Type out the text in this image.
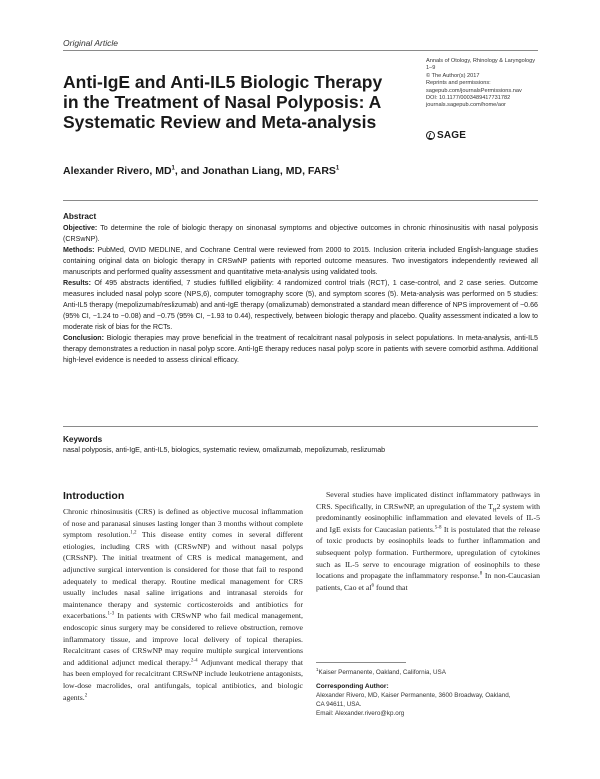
Original Article
Anti-IgE and Anti-IL5 Biologic Therapy
in the Treatment of Nasal Polyposis: A
Systematic Review and Meta-analysis
Annals of Otology, Rhinology & Laryngology
1–9
© The Author(s) 2017
Reprints and permissions:
sagepub.com/journalsPermissions.nav
DOI: 10.1177/0003489417731782
journals.sagepub.com/home/aor
SAGE
Alexander Rivero, $MD^1$, and Jonathan Liang, MD, FARS$^1$
Abstract

Objective: To determine the role of biologic therapy on sinonasal symptoms and objective outcomes in chronic rhinosinusitis with nasal polyposis (CRSwNP).

Methods: PubMed, OVID MEDLINE, and Cochrane Central were reviewed from 2000 to 2015. Inclusion criteria included English-language studies containing original data on biologic therapy in CRSwNP patients with reported outcome measures. Two investigators independently reviewed all manuscripts and performed quality assessment and quantitative meta-analysis using validated tools.

Results: Of 495 abstracts identified, 7 studies fulfilled eligibility: 4 randomized control trials (RCT), 1 case-control, and 2 case series. Outcome measures included nasal polyp score (NPS,6), computer tomography score (5), and symptom scores (5). Meta-analysis was performed on 5 studies: Anti-IL5 therapy (mepolizumab/reslizumab) and anti-IgE therapy (omalizumab) demonstrated a standard mean difference of NPS improvement of −0.66 (95% CI, −1.24 to −0.08) and −0.75 (95% CI, −1.93 to 0.44), respectively, between biologic therapy and placebo. Quality assessment indicated a low to moderate risk of bias for the RCTs.

Conclusion: Biologic therapies may prove beneficial in the treatment of recalcitrant nasal polyposis in select populations. In meta-analysis, anti-IL5 therapy demonstrates a reduction in nasal polyp score. Anti-IgE therapy reduces nasal polyp score in patients with severe comorbid asthma. Additional high-level evidence is needed to assess clinical efficacy.

Keywords
nasal polyposis, anti-IgE, anti-IL5, biologics, systematic review, omalizumab, mepolizumab, reslizumab
Introduction

Chronic rhinosinusitis (CRS) is defined as objective mucosal inflammation of nose and paranasal sinuses lasting longer than 3 months without complete symptom resolution.$^{1,2}$ This disease entity comes in several different etiologies, including CRS with (CRSwNP) and without nasal polyps (CRSsNP). The initial treatment of CRS is medical management, and adjunctive surgical intervention is considered for those that fail to respond adequately to medical therapy. Routine medical management for CRS usually includes nasal saline irrigations and intranasal steroids for maintenance therapy and systemic corticosteroids and antibiotics for exacerbations.$^{1-3}$ In patients with CRSwNP who fail medical management, endoscopic sinus surgery may be considered to relieve obstruction, remove inflammatory tissue, and improve local delivery of topical therapies. Recalcitrant cases of CRSwNP may require multiple surgical interventions and additional adjunct medical therapy.$^{2-4}$ Adjunvant medical therapy that has been employed for recalcitrant CRSwNP include leukotriene antagonists, low-dose macrolides, oral antifungals, topical antibiotics, and biologic agents.$^2$

Several studies have implicated distinct inflammatory pathways in CRS. Specifically, in CRSwNP, an upregulation of the $T_H2$ system with predominantly eosinophilic inflammation and elevated levels of IL-5 and IgE exists for Caucasian patients.$^{5-8}$ It is postulated that the release of toxic products by eosinophils leads to further inflammation and subsequent polyp formation. Furthermore, upregulation of cytokines such as IL-5 serve to encourage migration of eosinophils to these locations and propagate the inflammatory response.$^8$ In non-Caucasian patients, Cao et al$^6$ found that

$^1$Kaiser Permanente, Oakland, California, USA
Corresponding Author:
Alexander Rivero, MD, Kaiser Permanente, 3600 Broadway, Oakland,
CA 94611, USA.
Email: Alexander.rivero@kp.org
